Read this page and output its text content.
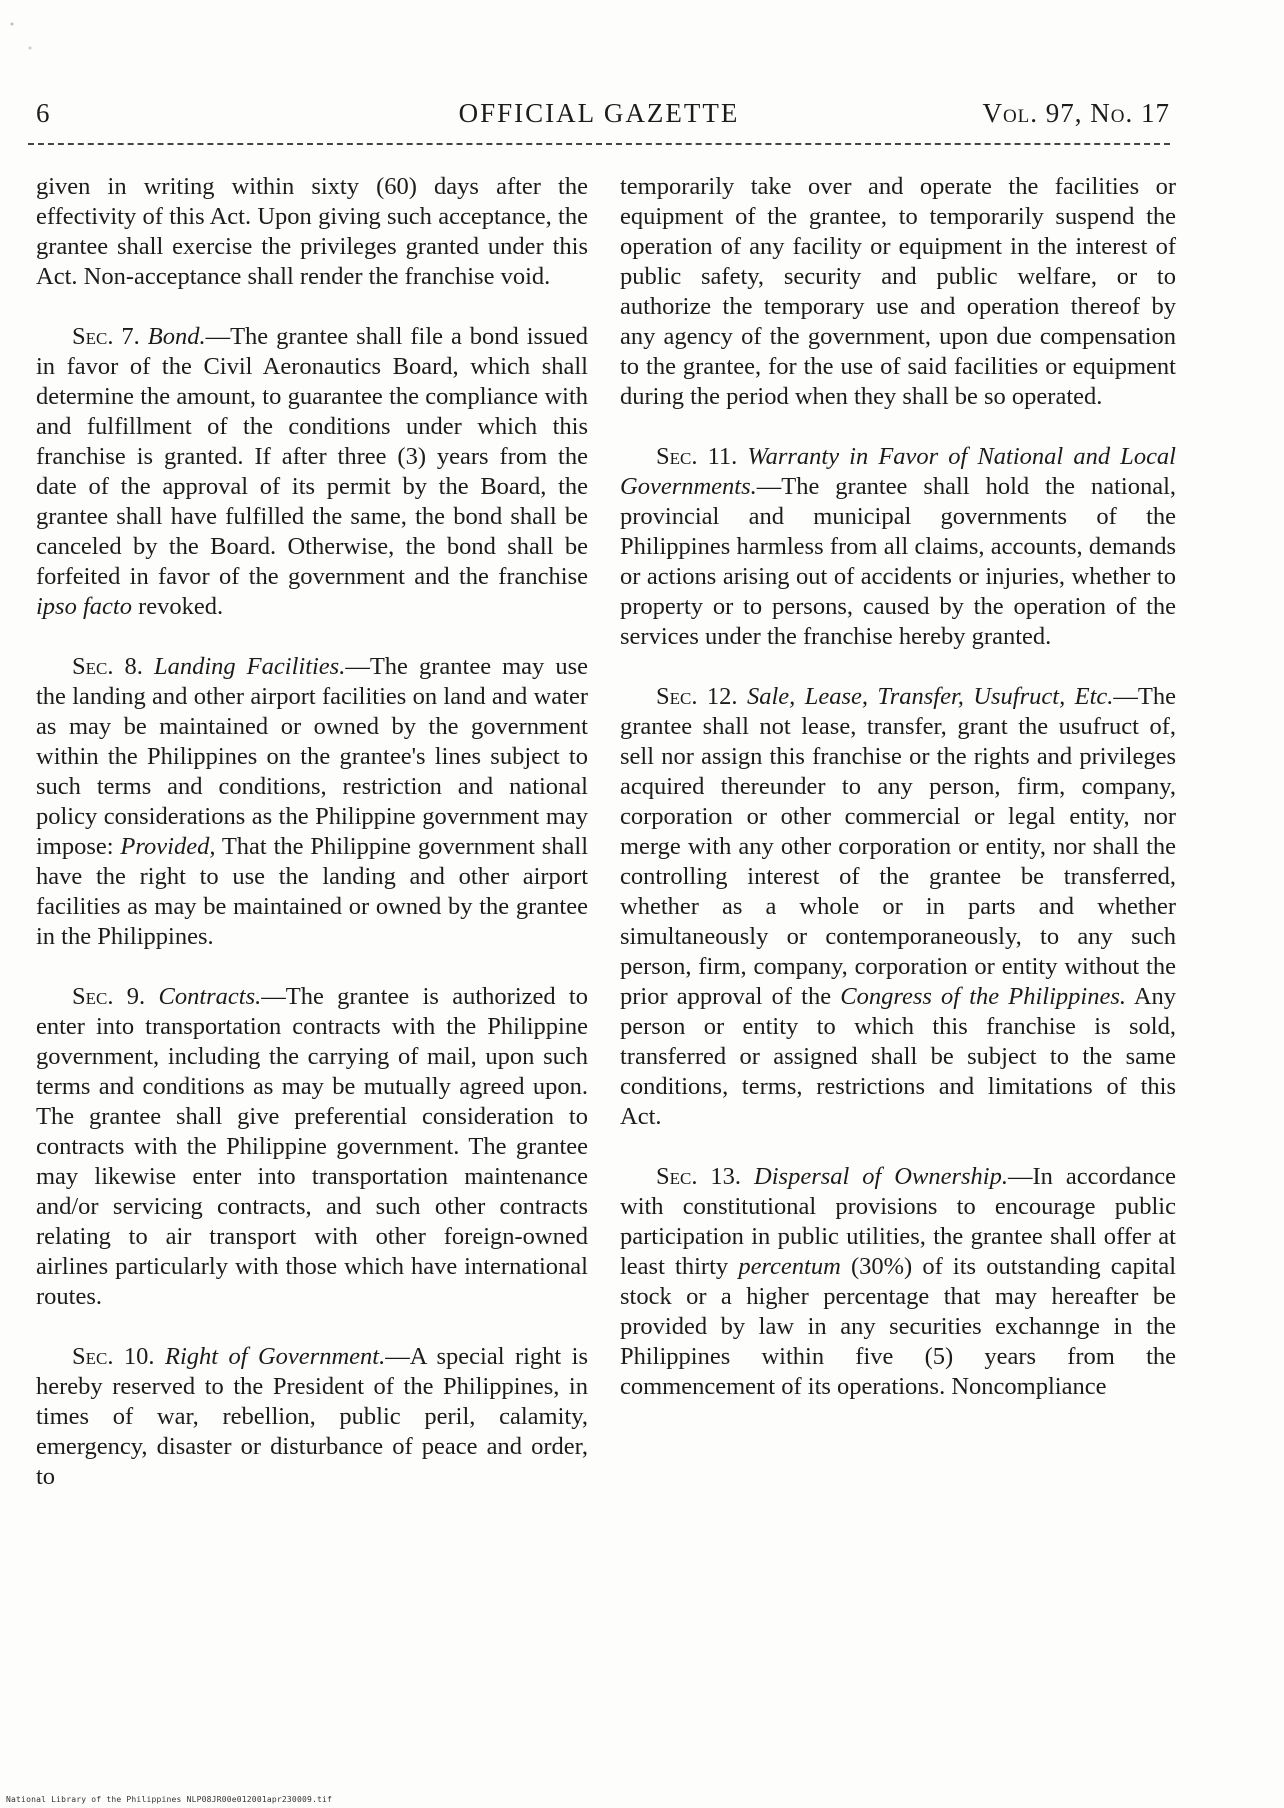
6	OFFICIAL GAZETTE	Vol. 97, No. 17

given in writing within sixty (60) days after the effectivity of this Act. Upon giving such acceptance, the grantee shall exercise the privileges granted under this Act. Non-acceptance shall render the franchise void.

Sec. 7. Bond.—The grantee shall file a bond issued in favor of the Civil Aeronautics Board, which shall determine the amount, to guarantee the compliance with and fulfillment of the conditions under which this franchise is granted. If after three (3) years from the date of the approval of its permit by the Board, the grantee shall have fulfilled the same, the bond shall be canceled by the Board. Otherwise, the bond shall be forfeited in favor of the government and the franchise ipso facto revoked.

Sec. 8. Landing Facilities.—The grantee may use the landing and other airport facilities on land and water as may be maintained or owned by the government within the Philippines on the grantee's lines subject to such terms and conditions, restriction and national policy considerations as the Philippine government may impose: Provided, That the Philippine government shall have the right to use the landing and other airport facilities as may be maintained or owned by the grantee in the Philippines.

Sec. 9. Contracts.—The grantee is authorized to enter into transportation contracts with the Philippine government, including the carrying of mail, upon such terms and conditions as may be mutually agreed upon. The grantee shall give preferential consideration to contracts with the Philippine government. The grantee may likewise enter into transportation maintenance and/or servicing contracts, and such other contracts relating to air transport with other foreign-owned airlines particularly with those which have international routes.

Sec. 10. Right of Government.—A special right is hereby reserved to the President of the Philippines, in times of war, rebellion, public peril, calamity, emergency, disaster or disturbance of peace and order, to

temporarily take over and operate the facilities or equipment of the grantee, to temporarily suspend the operation of any facility or equipment in the interest of public safety, security and public welfare, or to authorize the temporary use and operation thereof by any agency of the government, upon due compensation to the grantee, for the use of said facilities or equipment during the period when they shall be so operated.

Sec. 11. Warranty in Favor of National and Local Governments.—The grantee shall hold the national, provincial and municipal governments of the Philippines harmless from all claims, accounts, demands or actions arising out of accidents or injuries, whether to property or to persons, caused by the operation of the services under the franchise hereby granted.

Sec. 12. Sale, Lease, Transfer, Usufruct, Etc.—The grantee shall not lease, transfer, grant the usufruct of, sell nor assign this franchise or the rights and privileges acquired thereunder to any person, firm, company, corporation or other commercial or legal entity, nor merge with any other corporation or entity, nor shall the controlling interest of the grantee be transferred, whether as a whole or in parts and whether simultaneously or contemporaneously, to any such person, firm, company, corporation or entity without the prior approval of the Congress of the Philippines. Any person or entity to which this franchise is sold, transferred or assigned shall be subject to the same conditions, terms, restrictions and limitations of this Act.

Sec. 13. Dispersal of Ownership.—In accordance with constitutional provisions to encourage public participation in public utilities, the grantee shall offer at least thirty percentum (30%) of its outstanding capital stock or a higher percentage that may hereafter be provided by law in any securities exchannge in the Philippines within five (5) years from the commencement of its operations. Noncompliance

National Library of the Philippines NLP08JR00e012001apr230009.tif
